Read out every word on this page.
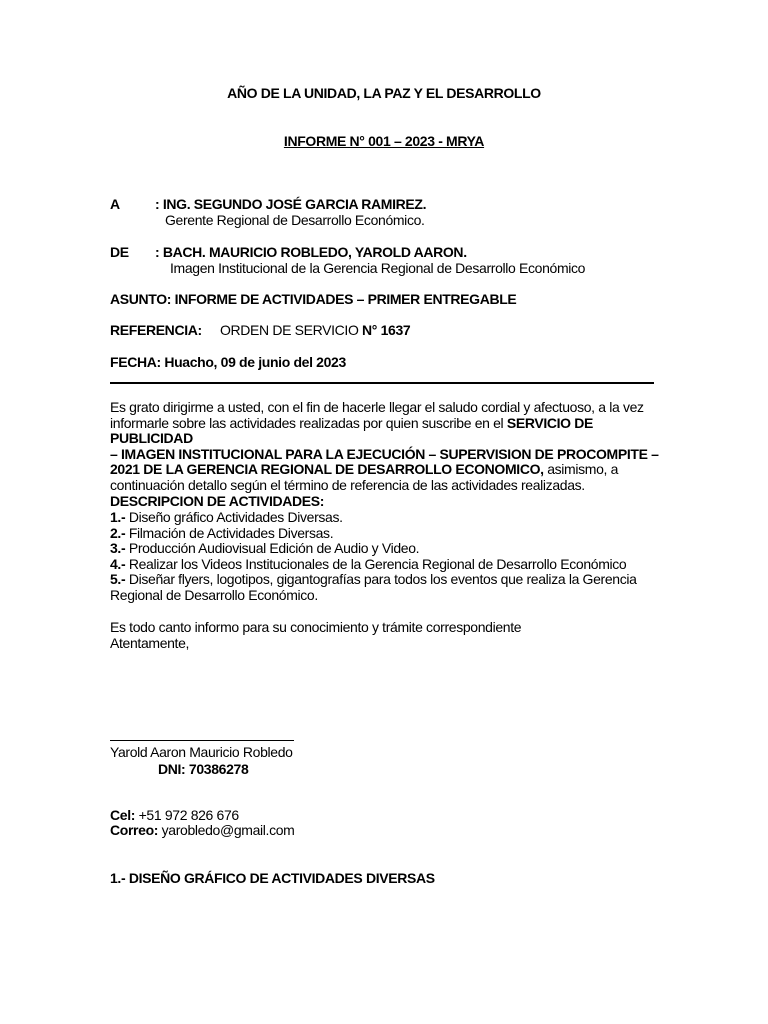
AÑO DE LA UNIDAD, LA PAZ Y EL DESARROLLO
INFORME N° 001 – 2023 - MRYA
A	: ING. SEGUNDO JOSÉ GARCIA RAMIREZ.
Gerente Regional de Desarrollo Económico.
DE : BACH. MAURICIO ROBLEDO, YAROLD AARON.
Imagen Institucional de la Gerencia Regional de Desarrollo Económico
ASUNTO: INFORME DE ACTIVIDADES – PRIMER ENTREGABLE
REFERENCIA: ORDEN DE SERVICIO N° 1637
FECHA: Huacho, 09 de junio del 2023
Es grato dirigirme a usted, con el fin de hacerle llegar el saludo cordial y afectuoso, a la vez
informarle sobre las actividades realizadas por quien suscribe en el SERVICIO DE PUBLICIDAD
– IMAGEN INSTITUCIONAL PARA LA EJECUCIÓN – SUPERVISION DE PROCOMPITE –
2021 DE LA GERENCIA REGIONAL DE DESARROLLO ECONOMICO, asimismo, a
continuación detallo según el término de referencia de las actividades realizadas.
DESCRIPCION DE ACTIVIDADES:
1.- Diseño gráfico Actividades Diversas.
2.- Filmación de Actividades Diversas.
3.- Producción Audiovisual Edición de Audio y Video.
4.- Realizar los Videos Institucionales de la Gerencia Regional de Desarrollo Económico
5.- Diseñar flyers, logotipos, gigantografías para todos los eventos que realiza la Gerencia
Regional de Desarrollo Económico.
Es todo canto informo para su conocimiento y trámite correspondiente
Atentamente,
Yarold Aaron Mauricio Robledo
DNI: 70386278
Cel: +51 972 826 676
Correo: yarobledo@gmail.com
1.- DISEÑO GRÁFICO DE ACTIVIDADES DIVERSAS
